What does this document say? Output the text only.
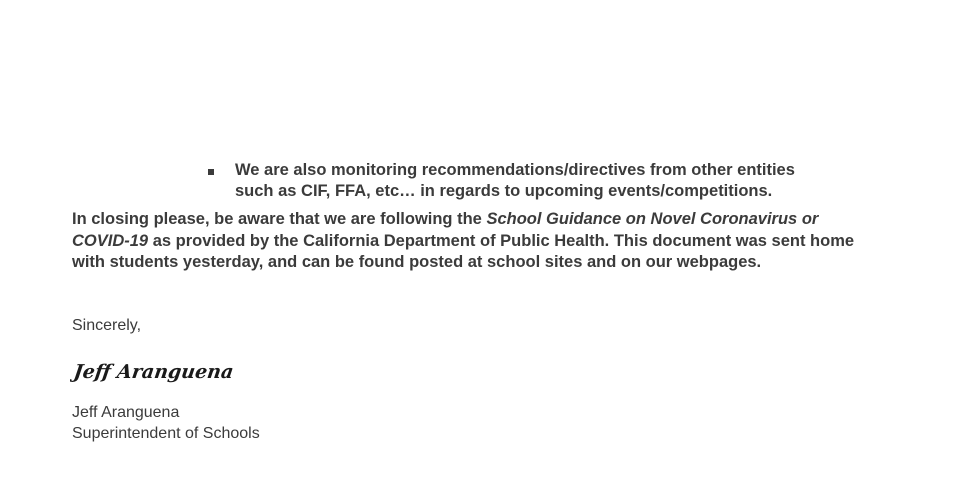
We are also monitoring recommendations/directives from other entities
such as CIF, FFA, etc… in regards to upcoming events/competitions.
In closing please, be aware that we are following the School Guidance on Novel Coronavirus or COVID-19 as provided by the California Department of Public Health. This document was sent home with students yesterday, and can be found posted at school sites and on our webpages.
Sincerely,
Jeff Aranguena
Jeff Aranguena
Superintendent of Schools
